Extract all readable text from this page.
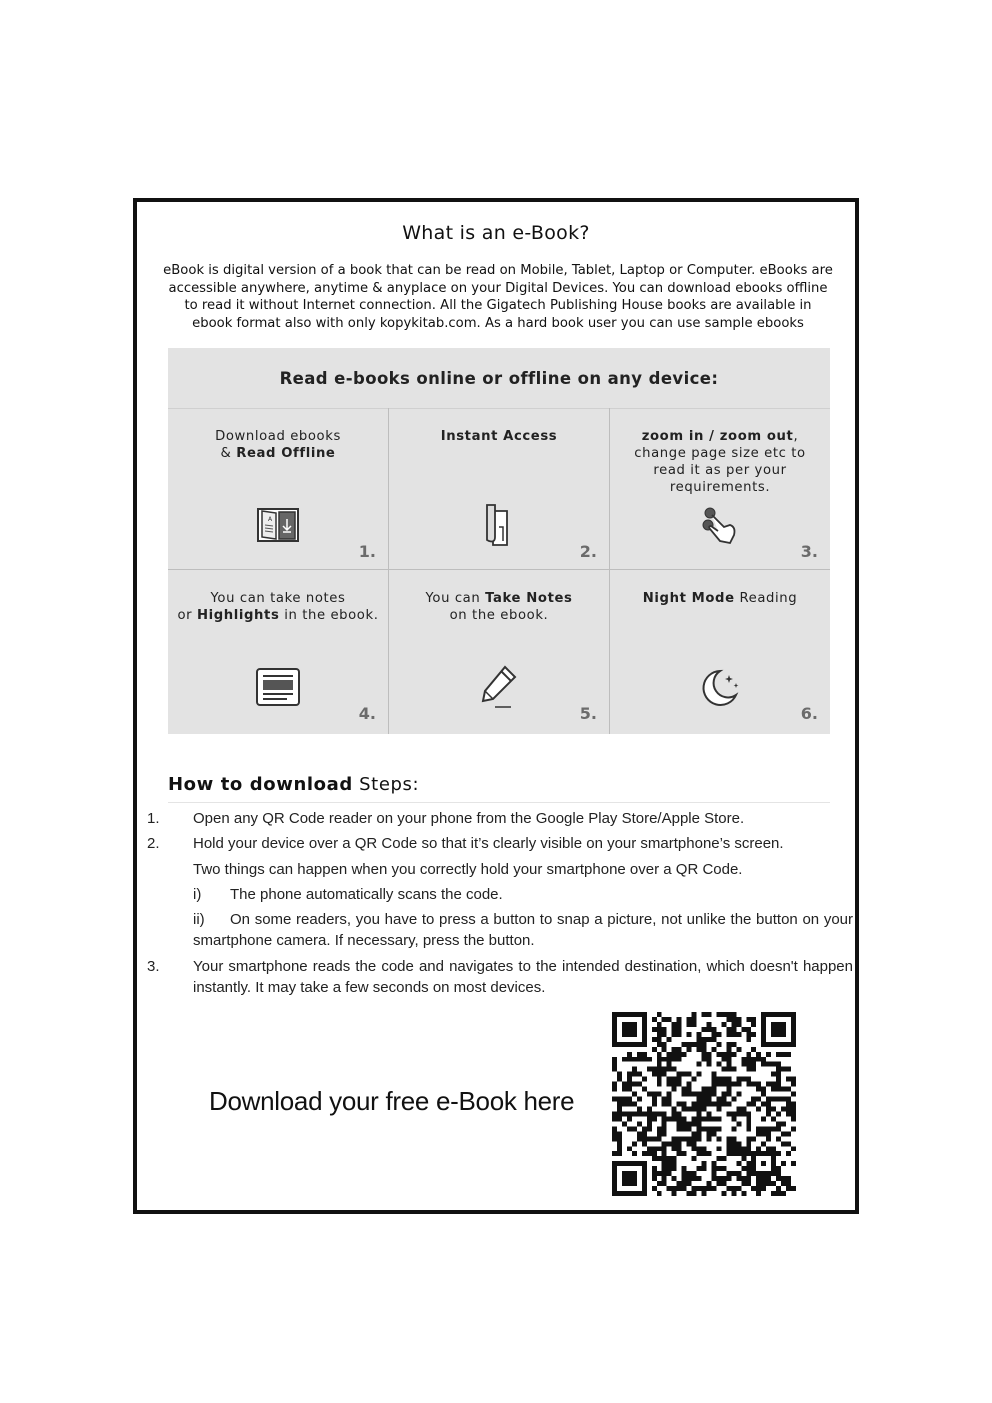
What is an e-Book?
eBook is digital version of a book that can be read on Mobile, Tablet, Laptop or Computer. eBooks are accessible anywhere, anytime & anyplace on your Digital Devices. You can download ebooks offline to read it without Internet connection. All the Gigatech Publishing House books are available in ebook format also with only kopykitab.com. As a hard book user you can use sample ebooks
Read e-books online or offline on any device:
Download ebooks
& Read Offline
A
1.
Instant Access
2.
zoom in / zoom out, change page size etc to read it as per your requirements.
3.
You can take notes
or Highlights in the ebook.
4.
You can Take Notes
on the ebook.
5.
Night Mode Reading
6.
How to download Steps:
1. Open any QR Code reader on your phone from the Google Play Store/Apple Store.
2. Hold your device over a QR Code so that it’s clearly visible on your smartphone’s screen.
Two things can happen when you correctly hold your smartphone over a QR Code.
i) The phone automatically scans the code.
ii) On some readers, you have to press a button to snap a picture, not unlike the button on your smartphone camera. If necessary, press the button.
3. Your smartphone reads the code and navigates to the intended destination, which doesn't happen instantly. It may take a few seconds on most devices.
Download your free e-Book here
